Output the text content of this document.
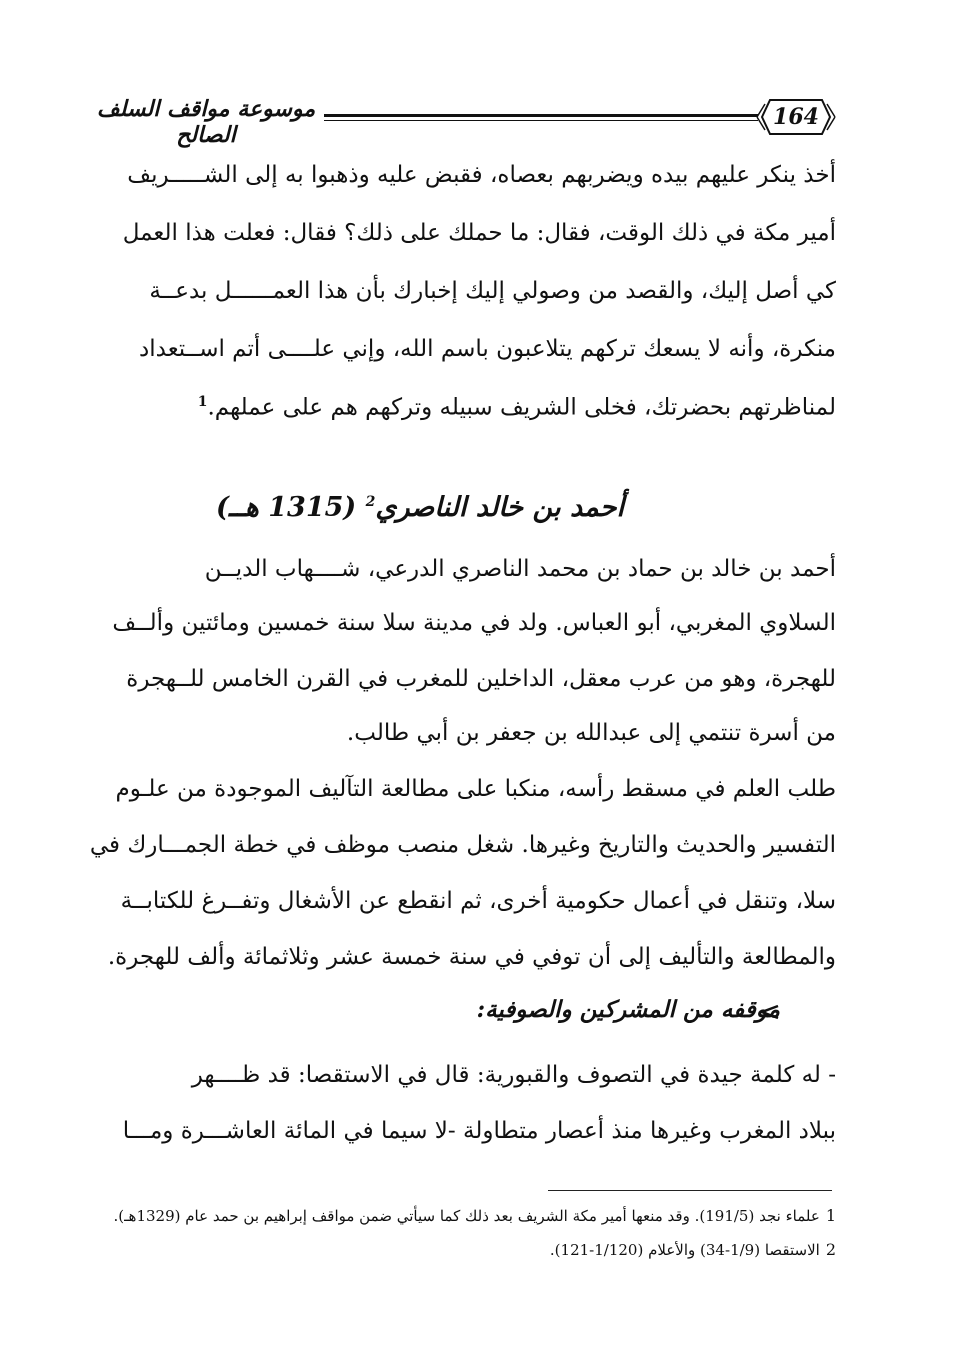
موسوعة مواقف السلف الصالح
164
أخذ ينكر عليهم بيده ويضربهم بعصاه، فقبض عليه وذهبوا به إلى الشـــــريف
أمير مكة في ذلك الوقت، فقال: ما حملك على ذلك؟ فقال: فعلت هذا العمل
كي أصل إليك، والقصد من وصولي إليك إخبارك بأن هذا العمــــــل بدعــة
منكرة، وأنه لا يسعك تركهم يتلاعبون باسم الله، وإني علــــى أتم اســتعداد
لمناظرتهم بحضرتك، فخلى الشريف سبيله وتركهم هم على عملهم.$^1$
أحمد بن خالد الناصري$^2$ (1315 هــ)
أحمد بن خالد بن حماد بن محمد الناصري الدرعي، شــــهاب الديــن
السلاوي المغربي، أبو العباس. ولد في مدينة سلا سنة خمسين ومائتين وألــف
للهجرة، وهو من عرب معقل، الداخلين للمغرب في القرن الخامس للــهجرة
من أسرة تنتمي إلى عبدالله بن جعفر بن أبي طالب.
طلب العلم في مسقط رأسه، منكبا على مطالعة التآليف الموجودة من علـوم
التفسير والحديث والتاريخ وغيرها. شغل منصب موظف في خطة الجمـــارك في
سلا، وتنقل في أعمال حكومية أخرى، ثم انقطع عن الأشغال وتفــرغ للكتابــة
والمطالعة والتأليف إلى أن توفي في سنة خمسة عشر وثلاثمائة وألف للهجرة.
موقفه من المشركين والصوفية:
- له كلمة جيدة في التصوف والقبورية: قال في الاستقصا: قد ظــــهر
ببلاد المغرب وغيرها منذ أعصار متطاولة -لا سيما في المائة العاشـــرة ومـــا
1علماء نجد (191/5). وقد منعها أمير مكة الشريف بعد ذلك كما سيأتي ضمن مواقف إبراهيم بن حمد عام (1329هـ).
2الاستقصا (1/9-34) والأعلام (1/120-121).
